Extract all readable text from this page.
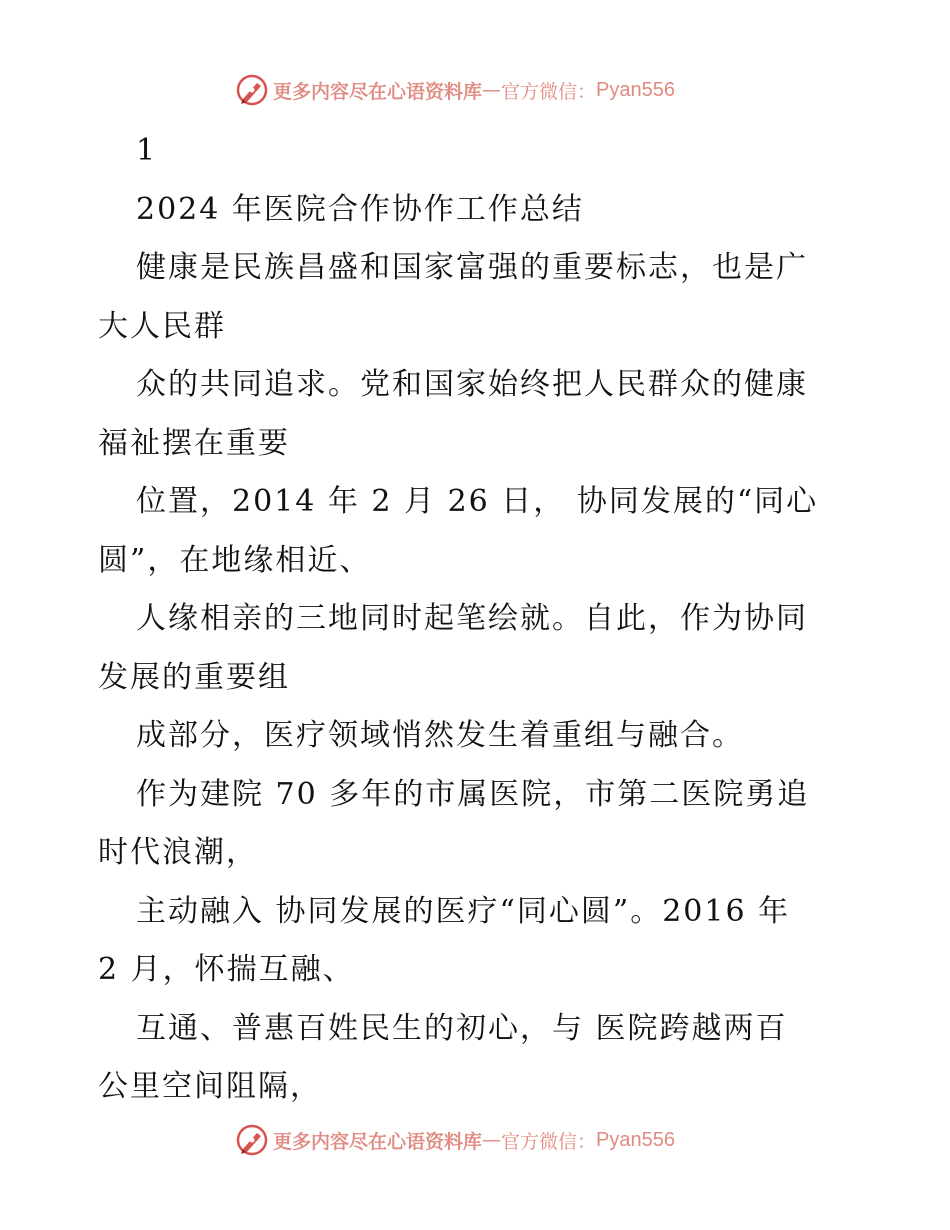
更多内容尽在心语资料库 — 官方微信： Pyan556
1
2024 年医院合作协作工作总结
健康是民族昌盛和国家富强的重要标志，也是广
大人民群
众的共同追求。党和国家始终把人民群众的健康
福祉摆在重要
位置，2014 年 2 月 26 日， 协同发展的“同心
圆”，在地缘相近、
人缘相亲的三地同时起笔绘就。自此，作为协同
发展的重要组
成部分，医疗领域悄然发生着重组与融合。
作为建院 70 多年的市属医院，市第二医院勇追
时代浪潮，
主动融入 协同发展的医疗“同心圆”。2016 年
2 月，怀揣互融、
互通、普惠百姓民生的初心，与 医院跨越两百
公里空间阻隔，
更多内容尽在心语资料库 — 官方微信： Pyan556
